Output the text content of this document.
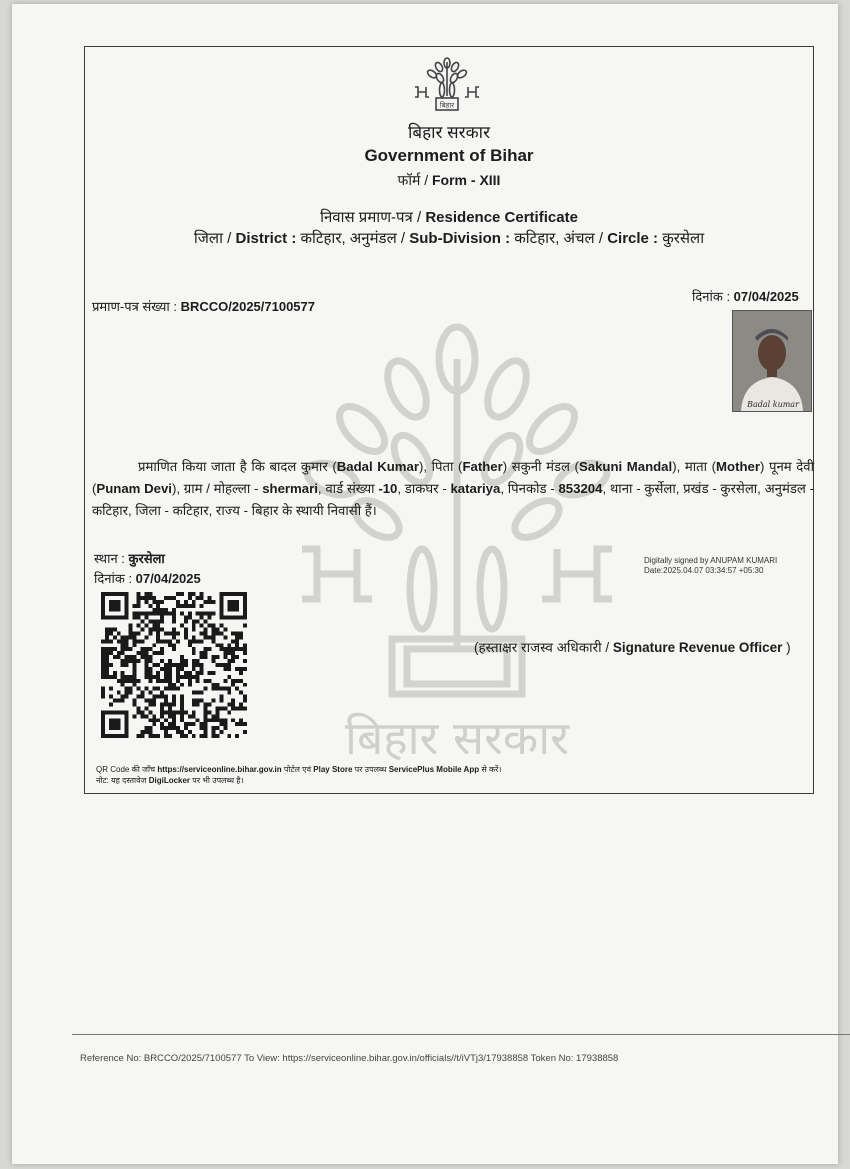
बिहार सरकार
बिहार
बिहार सरकार
Government of Bihar
फॉर्म / Form - XIII
निवास प्रमाण-पत्र / Residence Certificate
जिला / District : कटिहार, अनुमंडल / Sub-Division : कटिहार, अंचल / Circle : कुरसेला
प्रमाण-पत्र संख्या : BRCCO/2025/7100577
दिनांक : 07/04/2025
Badal kumar
प्रमाणित किया जाता है कि बादल कुमार (Badal Kumar), पिता (Father) सकुनी मंडल (Sakuni Mandal), माता (Mother) पूनम देवी (Punam Devi), ग्राम / मोहल्ला - shermari, वार्ड संख्या -10, डाकघर - katariya, पिनकोड - 853204, थाना - कुर्सेला, प्रखंड - कुरसेला, अनुमंडल - कटिहार, जिला - कटिहार, राज्य - बिहार के स्थायी निवासी हैं।
स्थान : कुरसेला
दिनांक : 07/04/2025
Digitally signed by ANUPAM KUMARI
Date:2025.04.07 03:34:57 +05:30
(हस्ताक्षर राजस्व अधिकारी / Signature Revenue Officer )
QR Code की जाँच https://serviceonline.bihar.gov.in पोर्टल एवं Play Store पर उपलब्ध ServicePlus Mobile App से करें।
नोट: यह दस्तावेज DigiLocker पर भी उपलब्ध है।
Reference No: BRCCO/2025/7100577 To View: https://serviceonline.bihar.gov.in/officials//t/iVTj3/17938858 Token No: 17938858
